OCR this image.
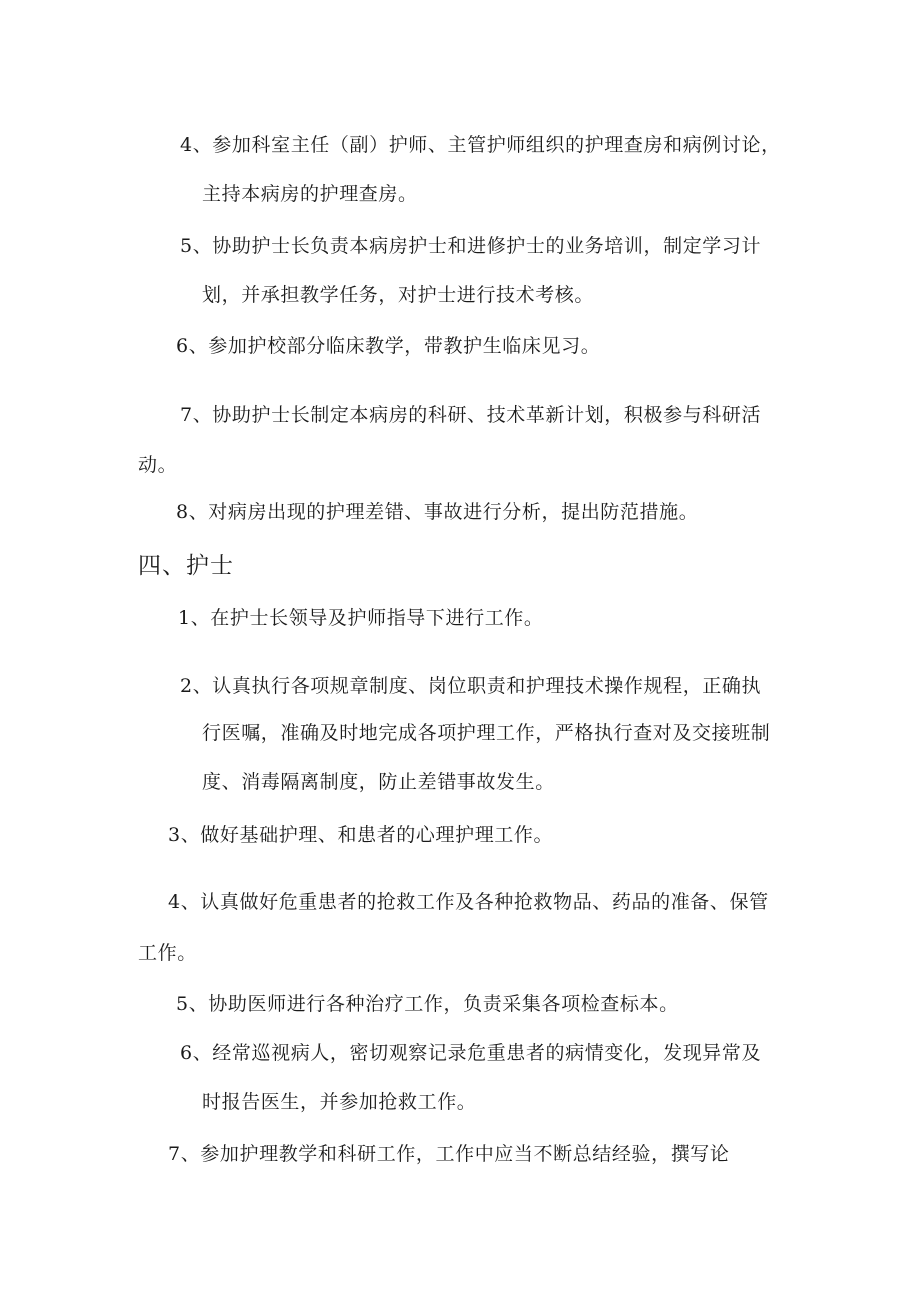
4、参加科室主任（副）护师、主管护师组织的护理查房和病例讨论，
主持本病房的护理查房。
5、协助护士长负责本病房护士和进修护士的业务培训，制定学习计
划，并承担教学任务，对护士进行技术考核。
6、参加护校部分临床教学，带教护生临床见习。
7、协助护士长制定本病房的科研、技术革新计划，积极参与科研活
动。
8、对病房出现的护理差错、事故进行分析，提出防范措施。
四、护士
1、在护士长领导及护师指导下进行工作。
2、认真执行各项规章制度、岗位职责和护理技术操作规程，正确执
行医嘱，准确及时地完成各项护理工作，严格执行查对及交接班制
度、消毒隔离制度，防止差错事故发生。
3、做好基础护理、和患者的心理护理工作。
4、认真做好危重患者的抢救工作及各种抢救物品、药品的准备、保管
工作。
5、协助医师进行各种治疗工作，负责采集各项检查标本。
6、经常巡视病人，密切观察记录危重患者的病情变化，发现异常及
时报告医生，并参加抢救工作。
7、参加护理教学和科研工作，工作中应当不断总结经验，撰写论
